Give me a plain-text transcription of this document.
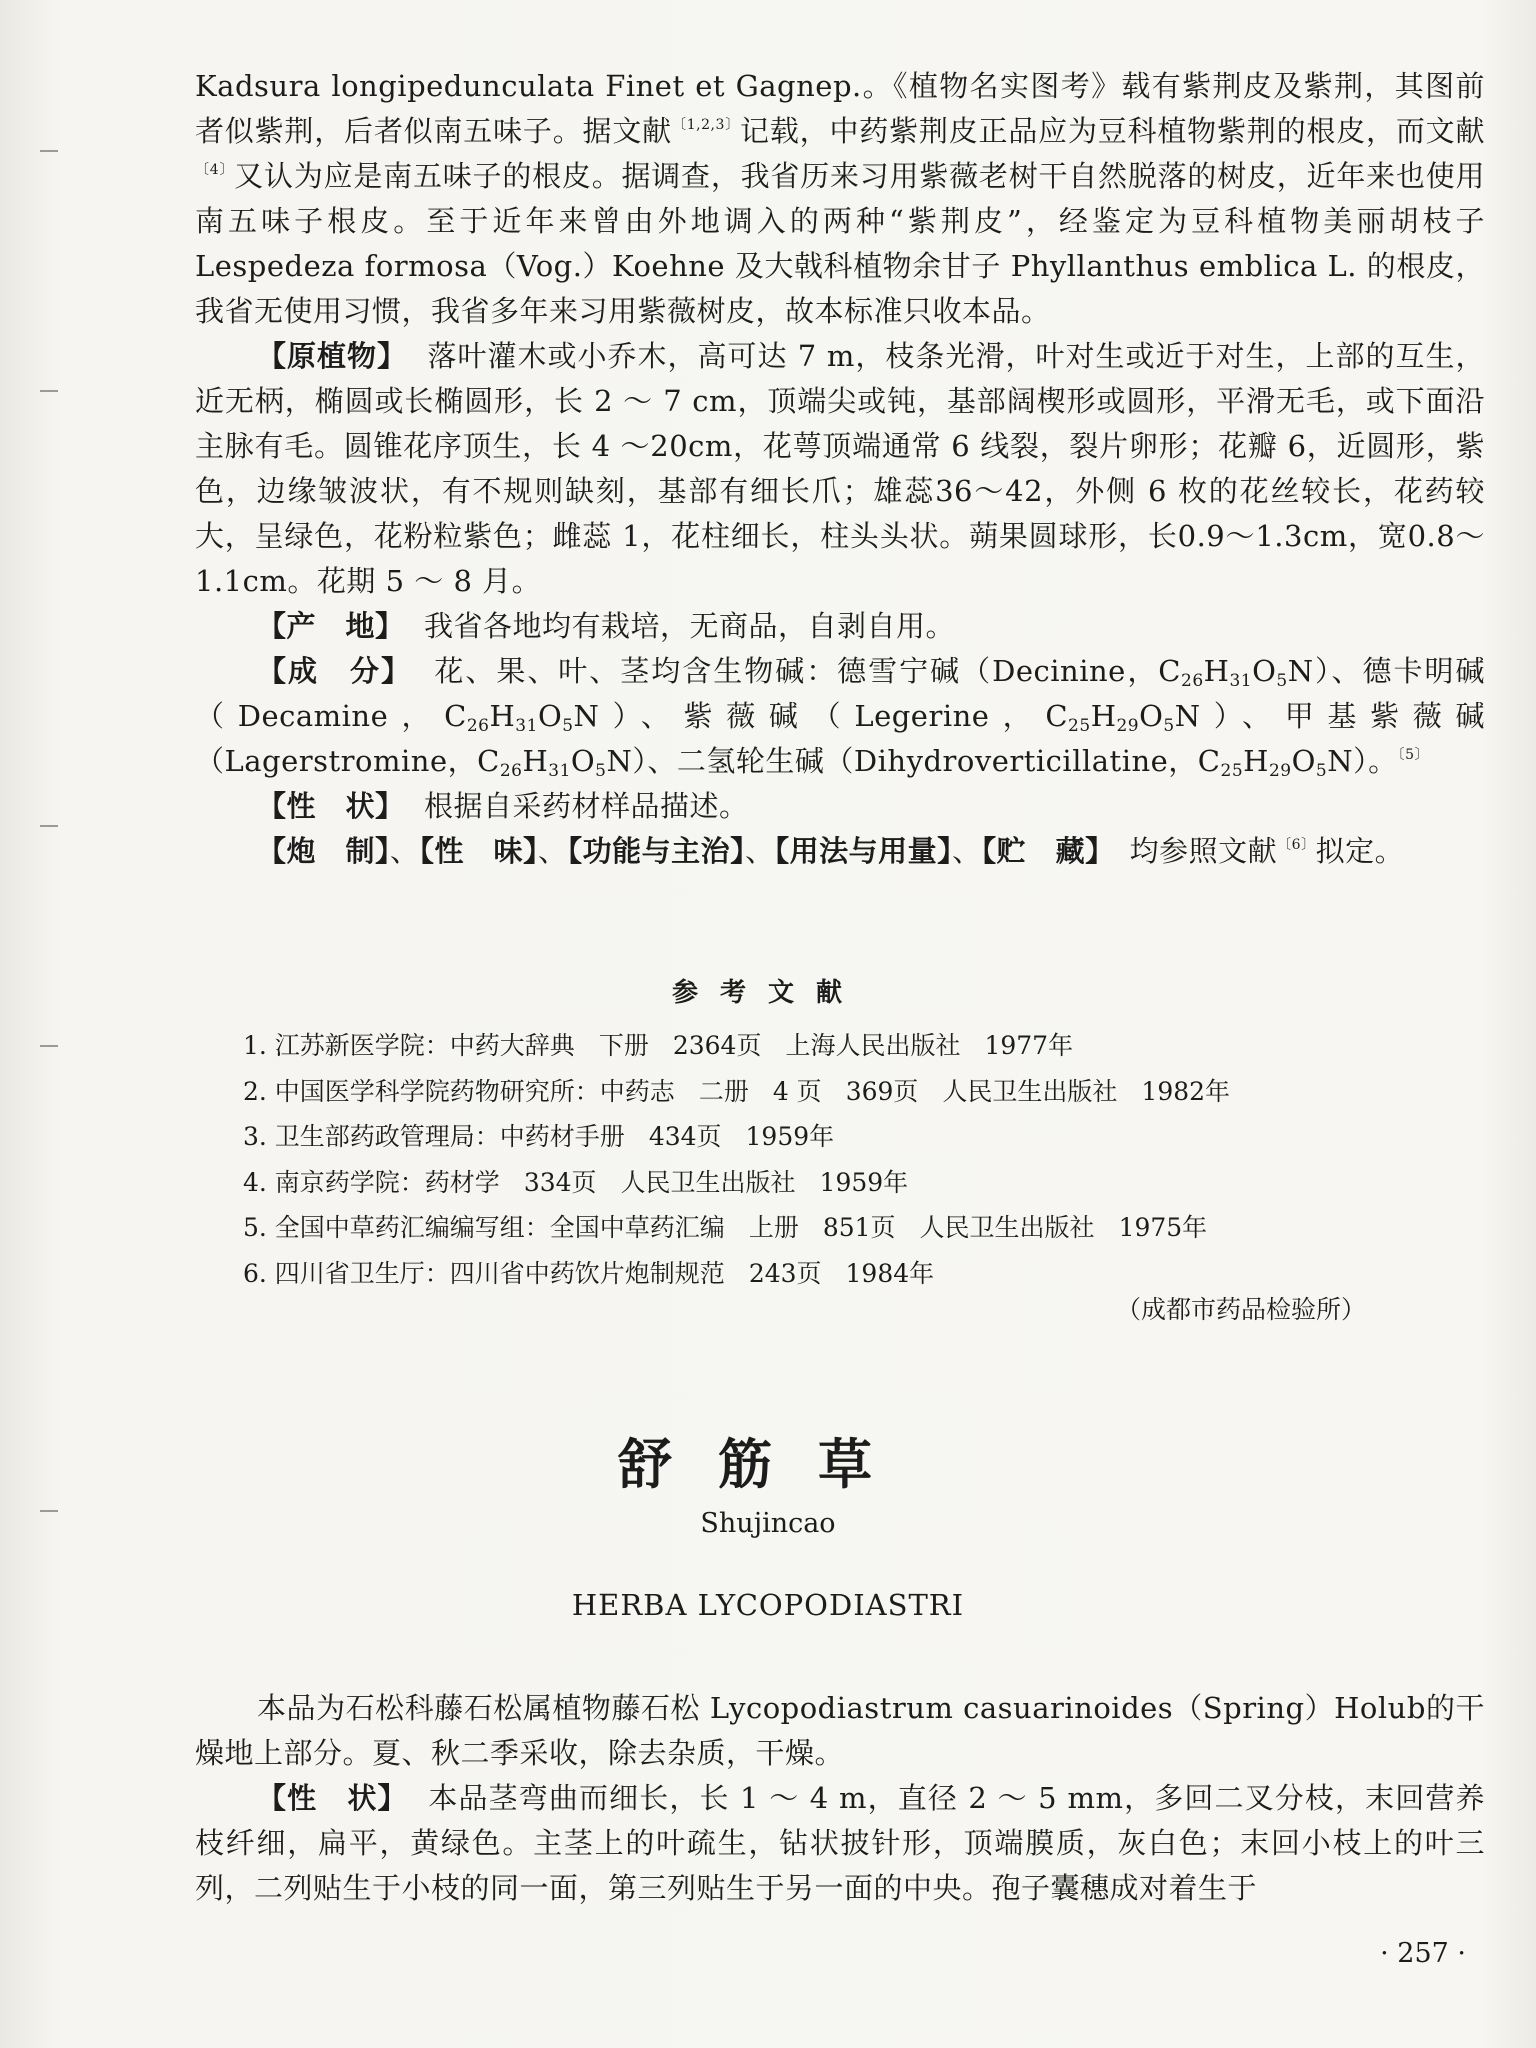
Kadsura longipedunculata Finet et Gagnep.。《植物名实图考》载有紫荆皮及紫荆，其图前者似紫荆，后者似南五味子。据文献$^{〔1,2,3〕}$记载，中药紫荆皮正品应为豆科植物紫荆的根皮，而文献$^{〔4〕}$又认为应是南五味子的根皮。据调查，我省历来习用紫薇老树干自然脱落的树皮，近年来也使用南五味子根皮。至于近年来曾由外地调入的两种“紫荆皮”，经鉴定为豆科植物美丽胡枝子 Lespedeza formosa（Vog.）Koehne 及大戟科植物余甘子 Phyllanthus emblica L. 的根皮，我省无使用习惯，我省多年来习用紫薇树皮，故本标准只收本品。

【原植物】 落叶灌木或小乔木，高可达 7 m，枝条光滑，叶对生或近于对生，上部的互生，近无柄，椭圆或长椭圆形，长 2 ～ 7 cm，顶端尖或钝，基部阔楔形或圆形，平滑无毛，或下面沿主脉有毛。圆锥花序顶生，长 4 ～20cm，花萼顶端通常 6 线裂，裂片卵形；花瓣 6，近圆形，紫色，边缘皱波状，有不规则缺刻，基部有细长爪；雄蕊36～42，外侧 6 枚的花丝较长，花药较大，呈绿色，花粉粒紫色；雌蕊 1，花柱细长，柱头头状。蒴果圆球形，长0.9～1.3cm，宽0.8～1.1cm。花期 5 ～ 8 月。

【产　地】 我省各地均有栽培，无商品，自剥自用。

【成　分】 花、果、叶、茎均含生物碱：德雪宁碱（Decinine，$C_{26}H_{31}O_5N$）、德卡明碱（Decamine，$C_{26}H_{31}O_5N$）、紫薇碱（Legerine，$C_{25}H_{29}O_5N$）、甲基紫薇碱（Lagerstromine，$C_{26}H_{31}O_5N$）、二氢轮生碱（Dihydroverticillatine，$C_{25}H_{29}O_5N$）。$^{〔5〕}$

【性　状】 根据自采药材样品描述。

【炮　制】、【性　味】、【功能与主治】、【用法与用量】、【贮　藏】　均参照文献$^{〔6〕}$拟定。

参考文献
1. 江苏新医学院：中药大辞典 下册 2364页 上海人民出版社 1977年
2. 中国医学科学院药物研究所：中药志 二册 4 页 369页 人民卫生出版社 1982年
3. 卫生部药政管理局：中药材手册 434页 1959年
4. 南京药学院：药材学 334页 人民卫生出版社 1959年
5. 全国中草药汇编编写组：全国中草药汇编 上册 851页 人民卫生出版社 1975年
6. 四川省卫生厅：四川省中药饮片炮制规范 243页 1984年
（成都市药品检验所）
舒筋草
Shujincao
HERBA LYCOPODIASTRI

本品为石松科藤石松属植物藤石松 Lycopodiastrum casuarinoides（Spring）Holub的干燥地上部分。夏、秋二季采收，除去杂质，干燥。

【性　状】 本品茎弯曲而细长，长 1 ～ 4 m，直径 2 ～ 5 mm，多回二叉分枝，末回营养枝纤细，扁平，黄绿色。主茎上的叶疏生，钻状披针形，顶端膜质，灰白色；末回小枝上的叶三列，二列贴生于小枝的同一面，第三列贴生于另一面的中央。孢子囊穗成对着生于

· 257 ·
